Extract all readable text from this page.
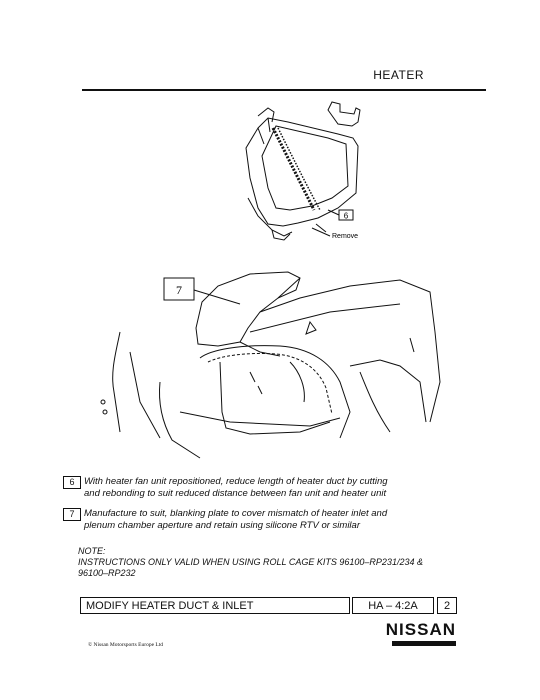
HEATER
6
Remove
7
6 With heater fan unit repositioned, reduce length of heater duct by cutting
and rebonding to suit reduced distance between fan unit and heater unit
7 Manufacture to suit, blanking plate to cover mismatch of heater inlet and
plenum chamber aperture and retain using silicone RTV or similar
NOTE:
INSTRUCTIONS ONLY VALID WHEN USING ROLL CAGE KITS 96100–RP231/234 &
96100–RP232
MODIFY HEATER DUCT & INLET	HA – 4:2A	2
NISSAN
© Nissan Motorsports Europe Ltd
